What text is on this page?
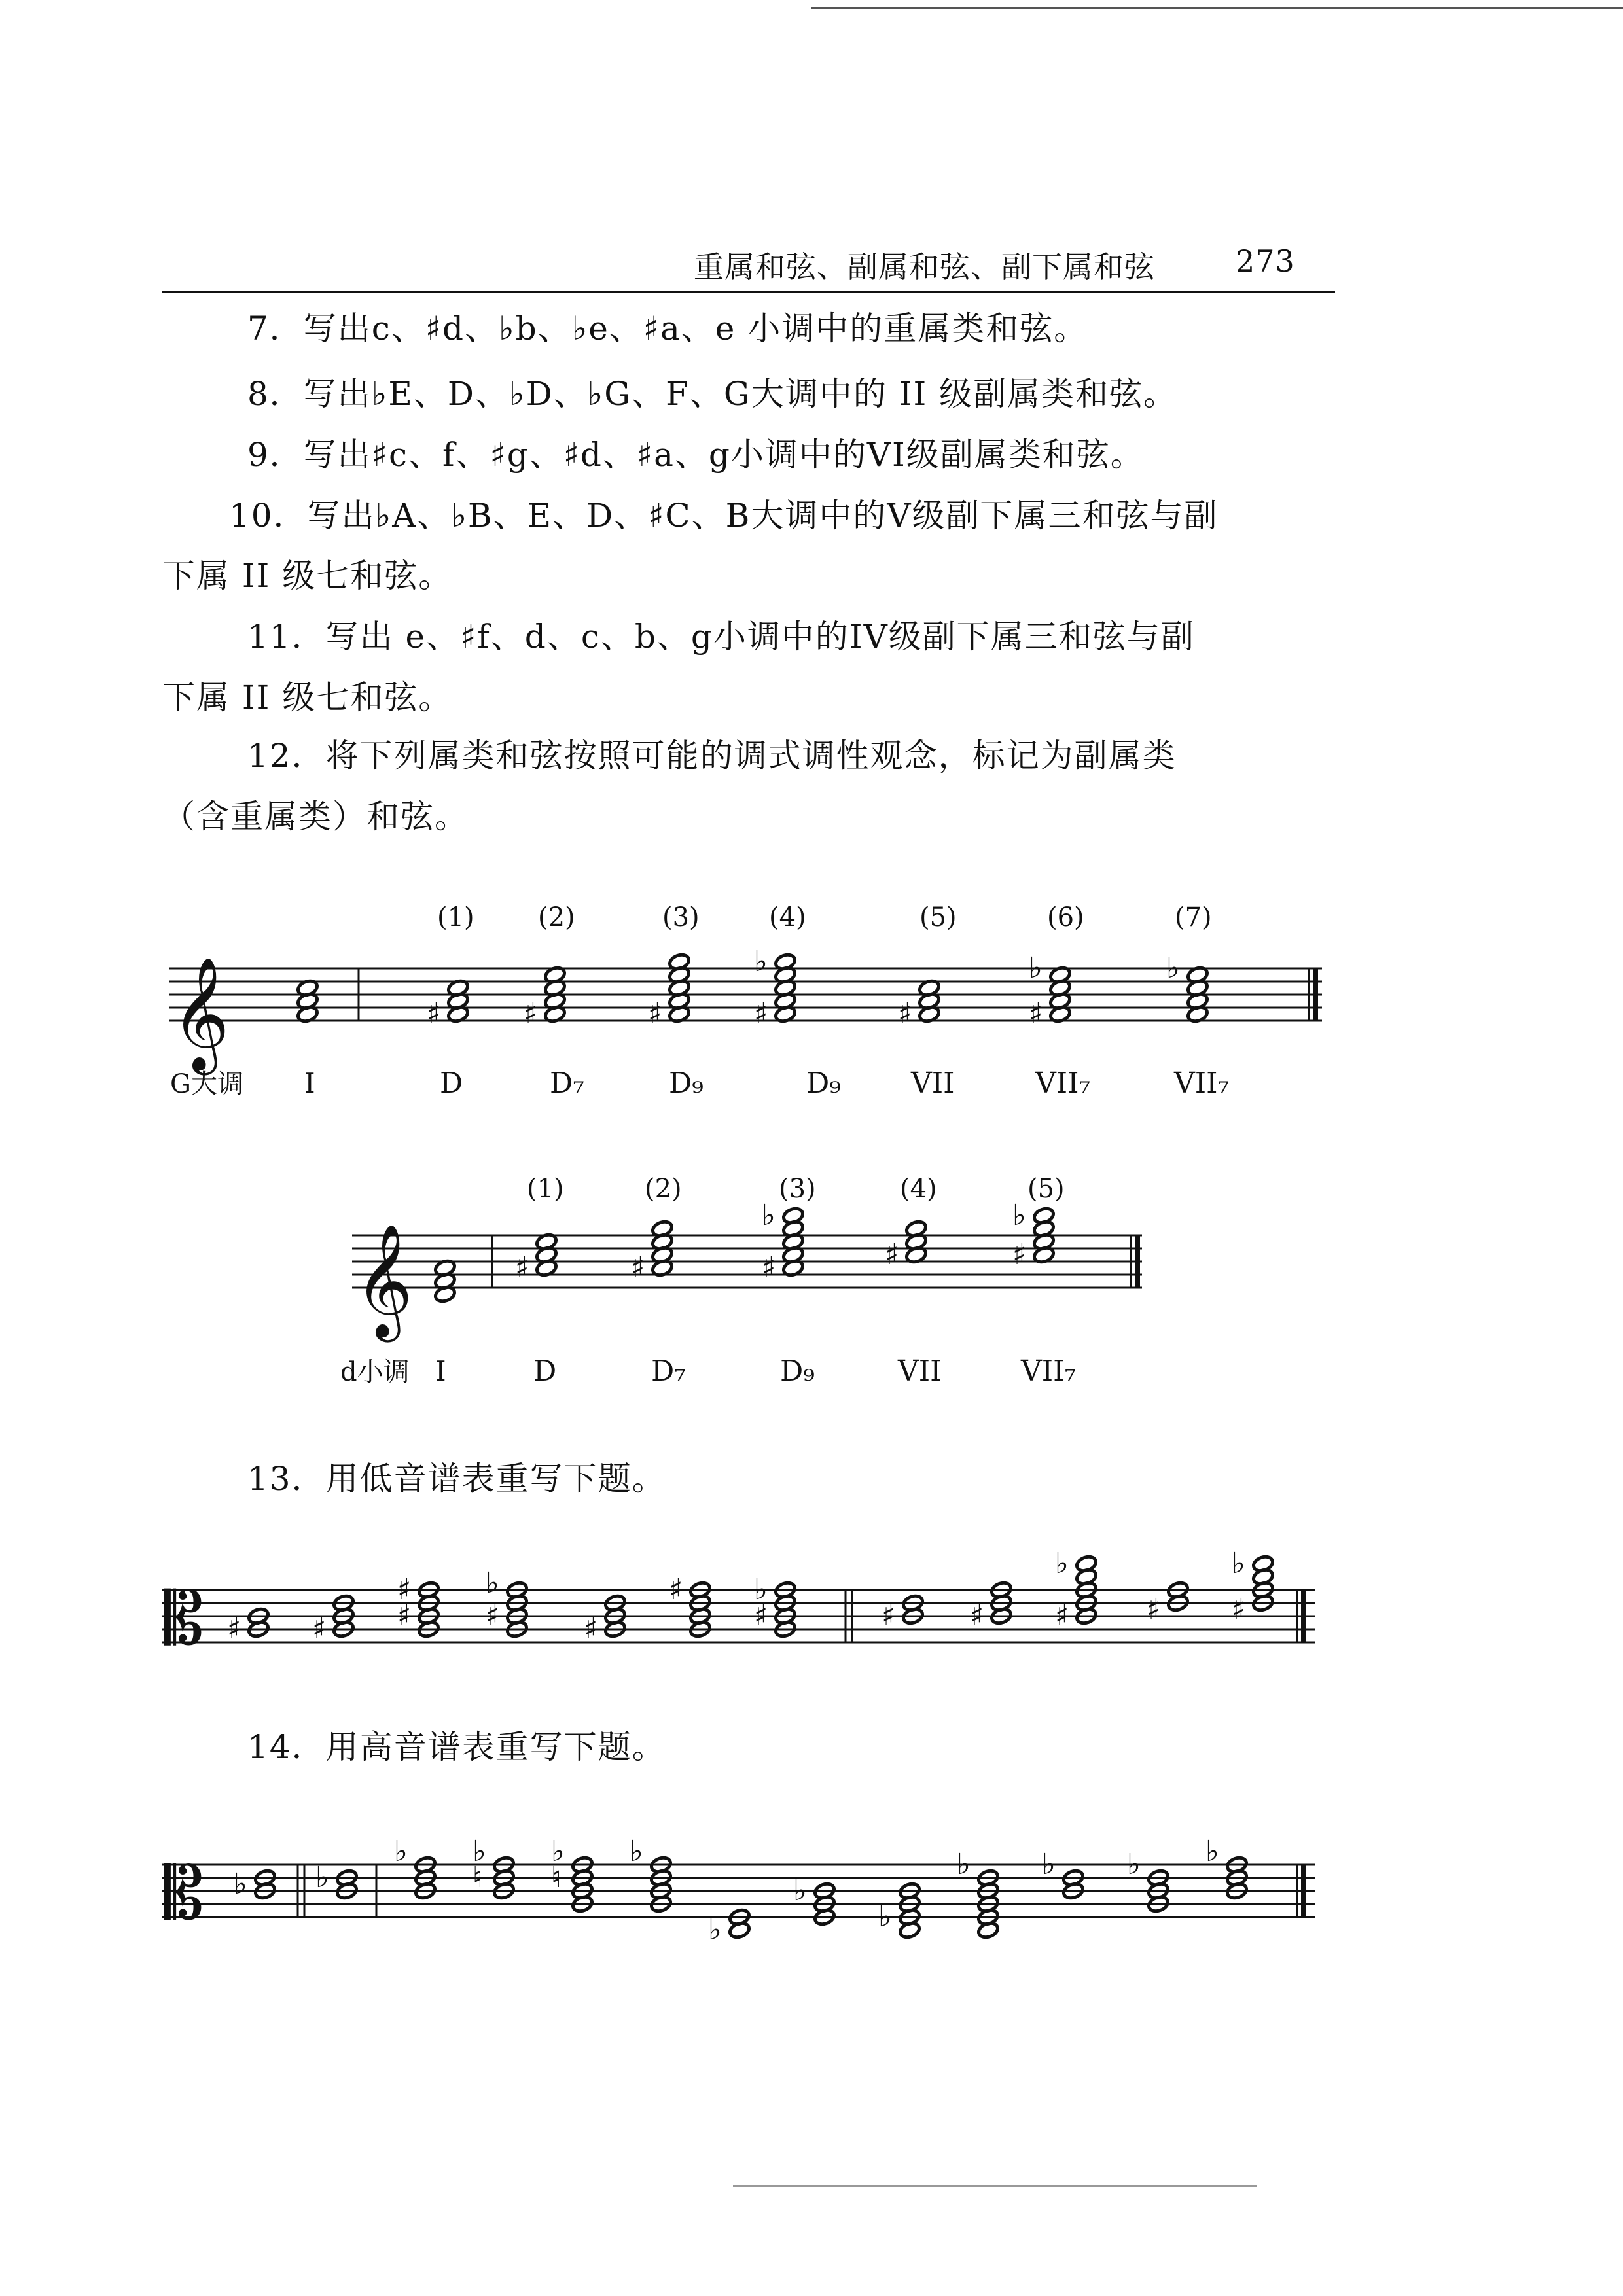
重属和弦、副属和弦、副下属和弦	273
7．写出c、♯d、♭b、♭e、♯a、e 小调中的重属类和弦。
8．写出♭E、D、♭D、♭G、F、G大调中的 II 级副属类和弦。
9．写出♯c、f、♯g、♯d、♯a、g小调中的VI级副属类和弦。
10．写出♭A、♭B、E、D、♯C、B大调中的Ⅴ级副下属三和弦与副
下属 II 级七和弦。
11．写出 e、♯f、d、c、b、g小调中的IV级副下属三和弦与副
下属 II 级七和弦。
12．将下列属类和弦按照可能的调式调性观念，标记为副属类
（含重属类）和弦。
13．用低音谱表重写下题。
14．用高音谱表重写下题。
𝄞	♯	♯	♯
♭
♯	♯
♭
♯
♭
(1) (2)	(3)	(4)	(5)	(6)	(7)
G大调 I	D	D₇	D₉	D₉ VII	VII₇	VII₇
𝄞	♯	♯
♭
♯	♯
♭
♯
(1)	(2)	(3)	(4)	(5)
d小调 I	D	D₇	D₉	VII	VII₇
𝄡 ♯ ♯
♯
♯
♭
♯	♯
♯ ♭
♯	♯	♯
♭
♯	♯
♭
♯
𝄡 ♭ ♭
♭ ♭
♮
♭
♮
♭
♭
♭
♭
♭ ♭ ♭ ♭
